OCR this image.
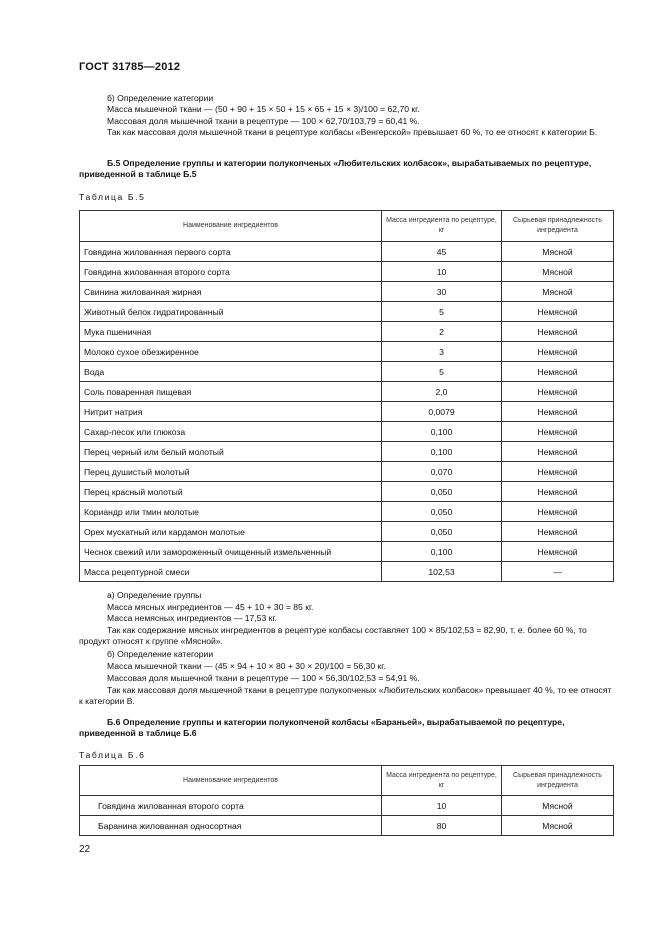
ГОСТ 31785—2012

б) Определение категории

Масса мышечной ткани — (50 + 90 + 15 × 50 + 15 × 65 + 15 × 3)/100 = 62,70 кг.

Массовая доля мышечной ткани в рецептуре — 100 × 62,70/103,79 = 60,41 %.

Так как массовая доля мышечной ткани в рецептуре колбасы «Венгерской» превышает 60 %, то ее относят к категории Б.

Б.5 Определение группы и категории полукопченых «Любительских колбасок», вырабатываемых по рецептуре, приведенной в таблице Б.5

Таблица Б.5
Наименование ингредиентов	Масса ингредиента по рецептуре, кг	Сырьевая принадлежность ингредиента
Говядина жилованная первого сорта	45	Мясной
Говядина жилованная второго сорта	10	Мясной
Свинина жилованная жирная	30	Мясной
Животный белок гидратированный	5	Немясной
Мука пшеничная	2	Немясной
Молоко сухое обезжиренное	3	Немясной
Вода	5	Немясной
Соль поваренная пищевая	2,0	Немясной
Нитрит натрия	0,0079	Немясной
Сахар-песок или глюкоза	0,100	Немясной
Перец черный или белый молотый	0,100	Немясной
Перец душистый молотый	0,070	Немясной
Перец красный молотый	0,050	Немясной
Кориандр или тмин молотые	0,050	Немясной
Орех мускатный или кардамон молотые	0,050	Немясной
Чеснок свежий или замороженный очищенный измельченный	0,100	Немясной
Масса рецептурной смеси	102,53	—

а) Определение группы

Масса мясных ингредиентов — 45 + 10 + 30 = 85 кг.

Масса немясных ингредиентов — 17,53 кг.

Так как содержание мясных ингредиентов в рецептуре колбасы составляет 100 × 85/102,53 = 82,90, т. е. более 60 %, то продукт относят к группе «Мясной».

б) Определение категории

Масса мышечной ткани — (45 × 94 + 10 × 80 + 30 × 20)/100 = 56,30 кг.

Массовая доля мышечной ткани в рецептуре — 100 × 56,30/102,53 = 54,91 %.

Так как массовая доля мышечной ткани в рецептуре полукопченых «Любительских колбасок» превышает 40 %, то ее относят к категории В.

Б.6 Определение группы и категории полукопченой колбасы «Бараньей», вырабатываемой по рецептуре, приведенной в таблице Б.6

Таблица Б.6
Наименование ингредиентов	Масса ингредиента по рецептуре, кг	Сырьевая принадлежность ингредиента
Говядина жилованная второго сорта	10	Мясной
Баранина жилованная односортная	80	Мясной
22
